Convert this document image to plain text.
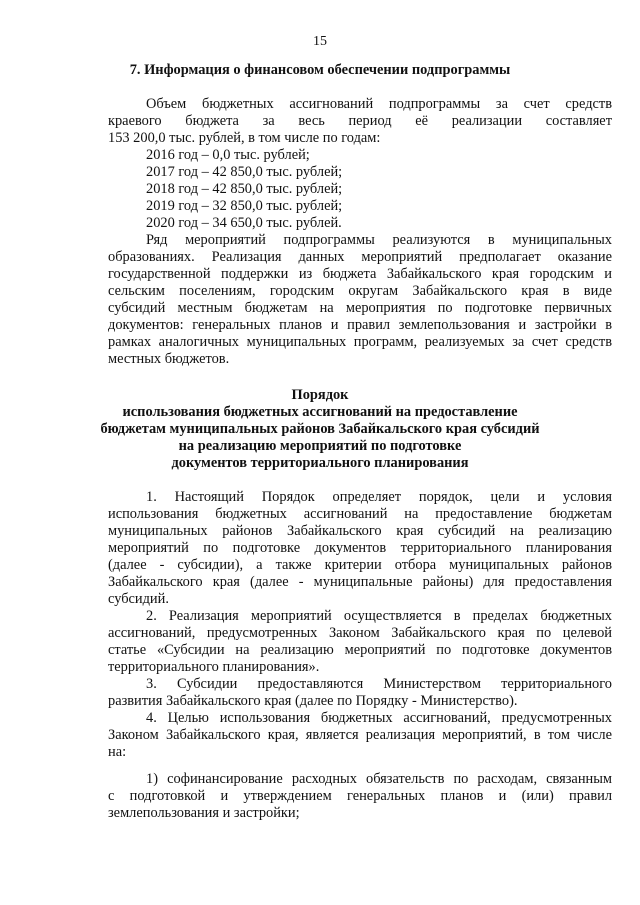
15
7. Информация о финансовом обеспечении подпрограммы
Объем бюджетных ассигнований подпрограммы за счет средств
краевого бюджета за весь период её реализации составляет
153 200,0 тыс. рублей, в том числе по годам:
2016 год – 0,0 тыс. рублей;
2017 год – 42 850,0 тыс. рублей;
2018 год – 42 850,0 тыс. рублей;
2019 год – 32 850,0 тыс. рублей;
2020 год – 34 650,0 тыс. рублей.
Ряд мероприятий подпрограммы реализуются в муниципальных
образованиях. Реализация данных мероприятий предполагает оказание
государственной поддержки из бюджета Забайкальского края городским и
сельским поселениям, городским округам Забайкальского края в виде
субсидий местным бюджетам на мероприятия по подготовке первичных
документов: генеральных планов и правил землепользования и застройки в
рамках аналогичных муниципальных программ, реализуемых за счет средств
местных бюджетов.
Порядок
использования бюджетных ассигнований на предоставление
бюджетам муниципальных районов Забайкальского края субсидий
на реализацию мероприятий по подготовке
документов территориального планирования
1. Настоящий Порядок определяет порядок, цели и условия
использования бюджетных ассигнований на предоставление бюджетам
муниципальных районов Забайкальского края субсидий на реализацию
мероприятий по подготовке документов территориального планирования
(далее - субсидии), а также критерии отбора муниципальных районов
Забайкальского края (далее - муниципальные районы) для предоставления
субсидий.
2. Реализация мероприятий осуществляется в пределах бюджетных
ассигнований, предусмотренных Законом Забайкальского края по целевой
статье «Субсидии на реализацию мероприятий по подготовке документов
территориального планирования».
3. Субсидии предоставляются Министерством территориального
развития Забайкальского края (далее по Порядку - Министерство).
4. Целью использования бюджетных ассигнований, предусмотренных
Законом Забайкальского края, является реализация мероприятий, в том числе
на:
1) софинансирование расходных обязательств по расходам, связанным
с подготовкой и утверждением генеральных планов и (или) правил
землепользования и застройки;
